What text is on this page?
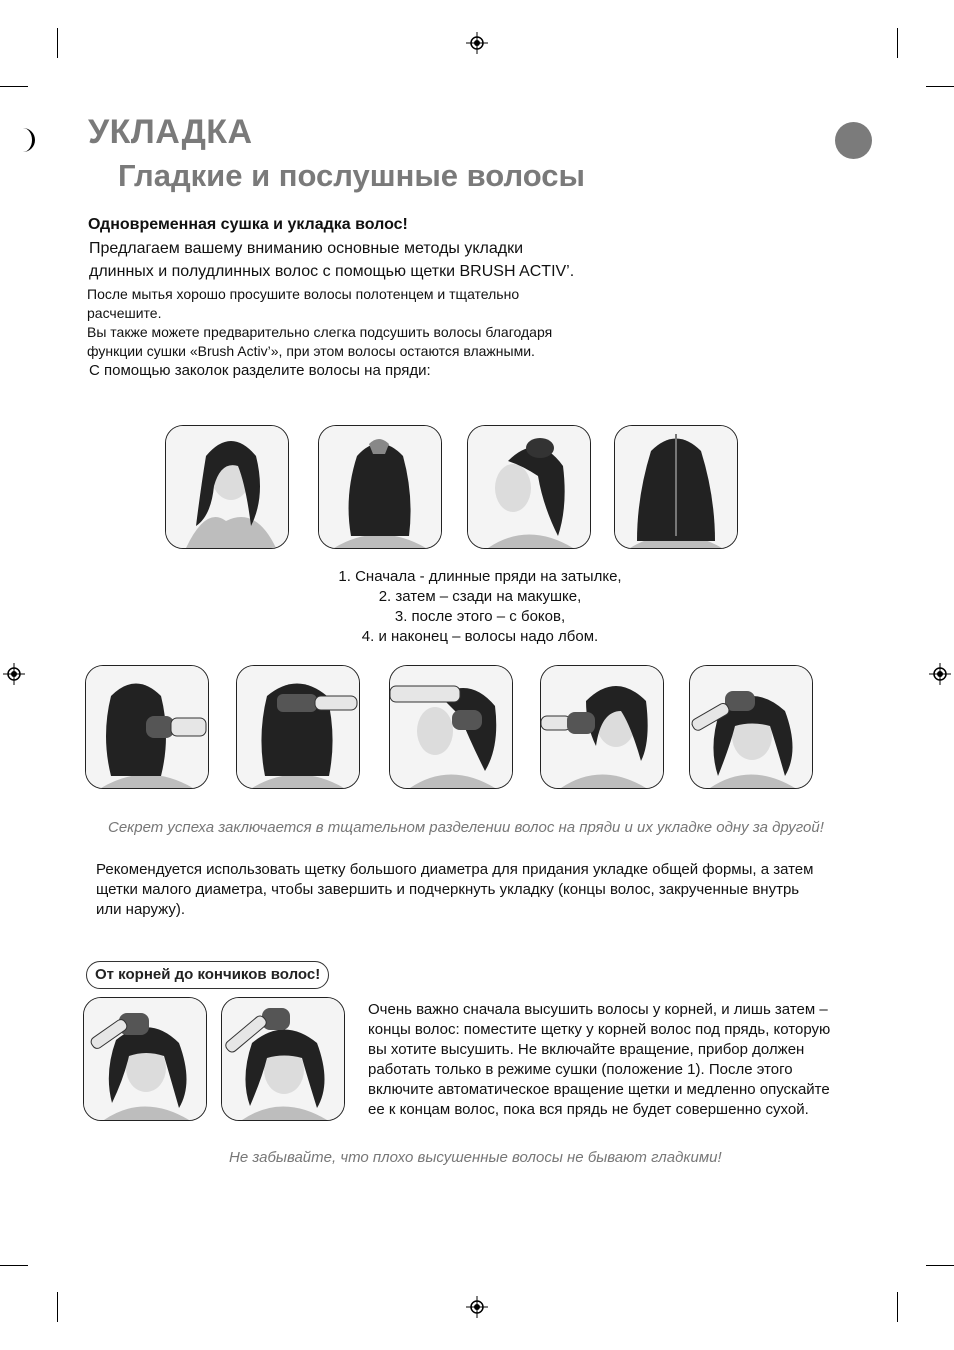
УКЛАДКА
Гладкие и послушные волосы
Одновременная сушка и укладка волос!
Предлагаем вашему вниманию основные методы укладки
длинных и полудлинных волос с помощью щетки BRUSH ACTIV’.
После мытья хорошо просушите волосы полотенцем и тщательно
расчешите.
Вы также можете предварительно слегка подсушить волосы благодаря
функции сушки «Brush Activ’», при этом волосы остаются влажными.
С помощью заколок разделите волосы на пряди:
1. Сначала - длинные пряди на затылке,
2. затем – сзади на макушке,
3. после этого – с боков,
4. и наконец – волосы надо лбом.
Секрет успеха заключается в тщательном разделении волос на пряди и их укладке одну за другой!
Рекомендуется использовать щетку большого диаметра для придания укладке общей формы, а затем
щетки малого диаметра, чтобы завершить и подчеркнуть укладку (концы волос, закрученные внутрь
или наружу).
От корней до кончиков волос!
Очень важно сначала высушить волосы у корней, и лишь затем –
концы волос: поместите щетку у корней волос под прядь, которую
вы хотите высушить. Не включайте вращение, прибор должен
работать только в режиме сушки (положение 1). После этого
включите автоматическое вращение щетки и медленно опускайте
ее к концам волос, пока вся прядь не будет совершенно сухой.
Не забывайте, что плохо высушенные волосы не бывают гладкими!
